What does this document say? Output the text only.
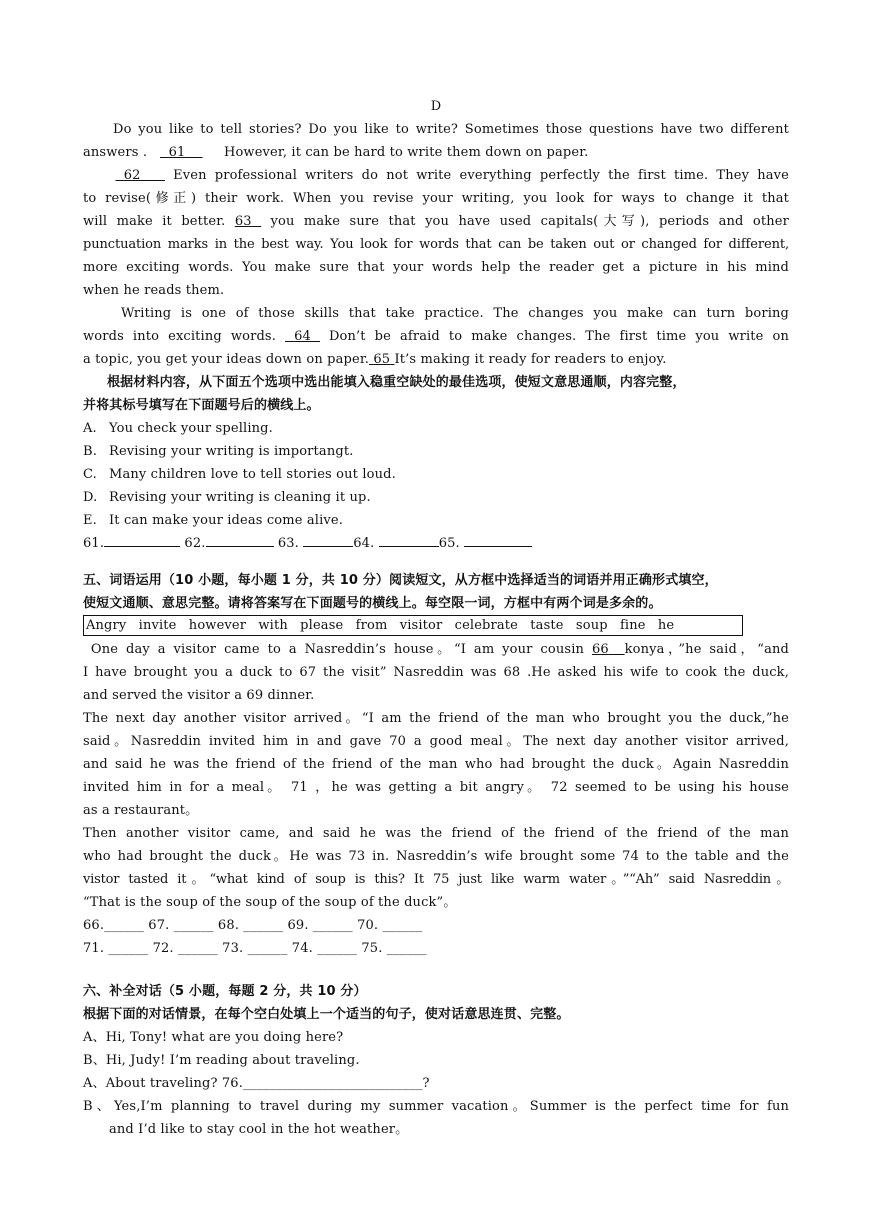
D
Do you like to tell stories? Do you like to write? Sometimes those questions have two different
answers . 61	However, it can be hard to write them down on paper.
62	Even professional writers do not write everything perfectly the first time. They have
to revise(修正) their work. When you revise your writing, you look for ways to change it that
will make it better. 63 you make sure that you have used capitals(大写), periods and other
punctuation marks in the best way. You look for words that can be taken out or changed for different,
more exciting words. You make sure that your words help the reader get a picture in his mind
when he reads them.
Writing is one of those skills that take practice. The changes you make can turn boring
words into exciting words. 64 Don’t be afraid to make changes. The first time you write on
a topic, you get your ideas down on paper. 65 It’s making it ready for readers to enjoy.
根据材料内容，从下面五个选项中选出能填入稳重空缺处的最佳选项，使短文意思通顺，内容完整，
并将其标号填写在下面题号后的横线上。
A. You check your spelling.
B. Revising your writing is importangt.
C. Many children love to tell stories out loud.
D. Revising your writing is cleaning it up.
E. It can make your ideas come alive.
61.	62.	63.	64.	65.
五、词语运用（10 小题，每小题 1 分，共 10 分）阅读短文，从方框中选择适当的词语并用正确形式填空，
使短文通顺、意思完整。请将答案写在下面题号的横线上。每空限一词，方框中有两个词是多余的。
Angry invite however with please from visitor celebrate taste soup fine he
One day a visitor came to a Nasreddin’s house。“I am your cousin 66 konya，”he said，“and
I have brought you a duck to 67 the visit” Nasreddin was 68 .He asked his wife to cook the duck,
and served the visitor a 69 dinner.
The next day another visitor arrived。“I am the friend of the man who brought you the duck,”he
said。Nasreddin invited him in and gave 70 a good meal。The next day another visitor arrived,
and said he was the friend of the friend of the man who had brought the duck。Again Nasreddin
invited him in for a meal。 71 ，he was getting a bit angry。 72 seemed to be using his house
as a restaurant。
Then another visitor came, and said he was the friend of the friend of the friend of the man
who had brought the duck。He was 73 in. Nasreddin’s wife brought some 74 to the table and the
vistor tasted it。“what kind of soup is this? It 75 just like warm water。”“Ah” said Nasreddin。
“That is the soup of the soup of the soup of the duck”。
66.______ 67. ______ 68. ______ 69. ______ 70. ______
71. ______ 72. ______ 73. ______ 74. ______ 75. ______
六、补全对话（5 小题，每题 2 分，共 10 分）
根据下面的对话情景，在每个空白处填上一个适当的句子，使对话意思连贯、完整。
A、Hi, Tony! what are you doing here?
B、Hi, Judy! I’m reading about traveling.
A、About traveling? 76.___________________________?
B、Yes,I’m planning to travel during my summer vacation。Summer is the perfect time for fun
and I’d like to stay cool in the hot weather。
